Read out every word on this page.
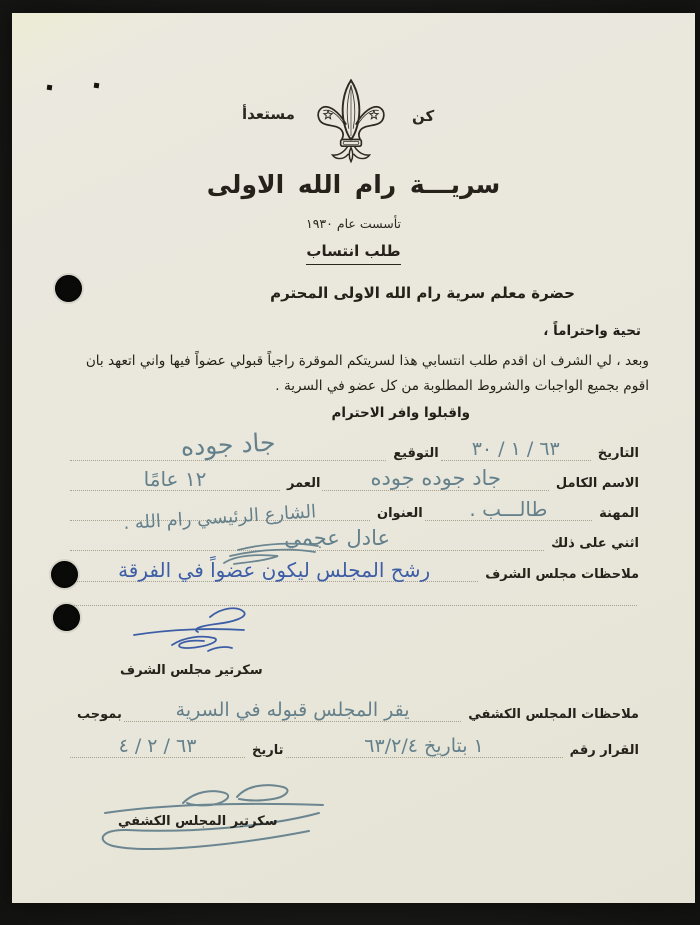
كن
مستعدأ
سريـــة رام الله الاولى
تأسست عام ١٩٣٠
طلب انتساب
حضرة معلم سرية رام الله الاولى المحترم
تحية واحتراماً ،
وبعد ، لي الشرف ان اقدم طلب انتسابي هذا لسريتكم الموقرة راجياً قبولي عضواً فيها واني اتعهد بان
اقوم بجميع الواجبات والشروط المطلوبة من كل عضو في السرية .
واقبلوا وافر الاحترام
التاريخ
٦٣ / ١ / ٣٠
التوقيع
جاد جوده
الاسم الكامل
جاد جوده جوده
العمر
١٢ عامًا
المهنة
طالـــب .
العنوان
الشارع الرئيسي رام الله .
اثني على ذلك
عادل عجمي
ملاحظات مجلس الشرف
رشح المجلس ليكون عضواً في الفرقة
سكرتير مجلس الشرف
ملاحظات المجلس الكشفي
يقر المجلس قبوله في السرية
بموجب
القرار رقم
١ بتاريخ ٦٣/٢/٤
تاريخ
٦٣ / ٢ / ٤
سكرتير المجلس الكشفي
